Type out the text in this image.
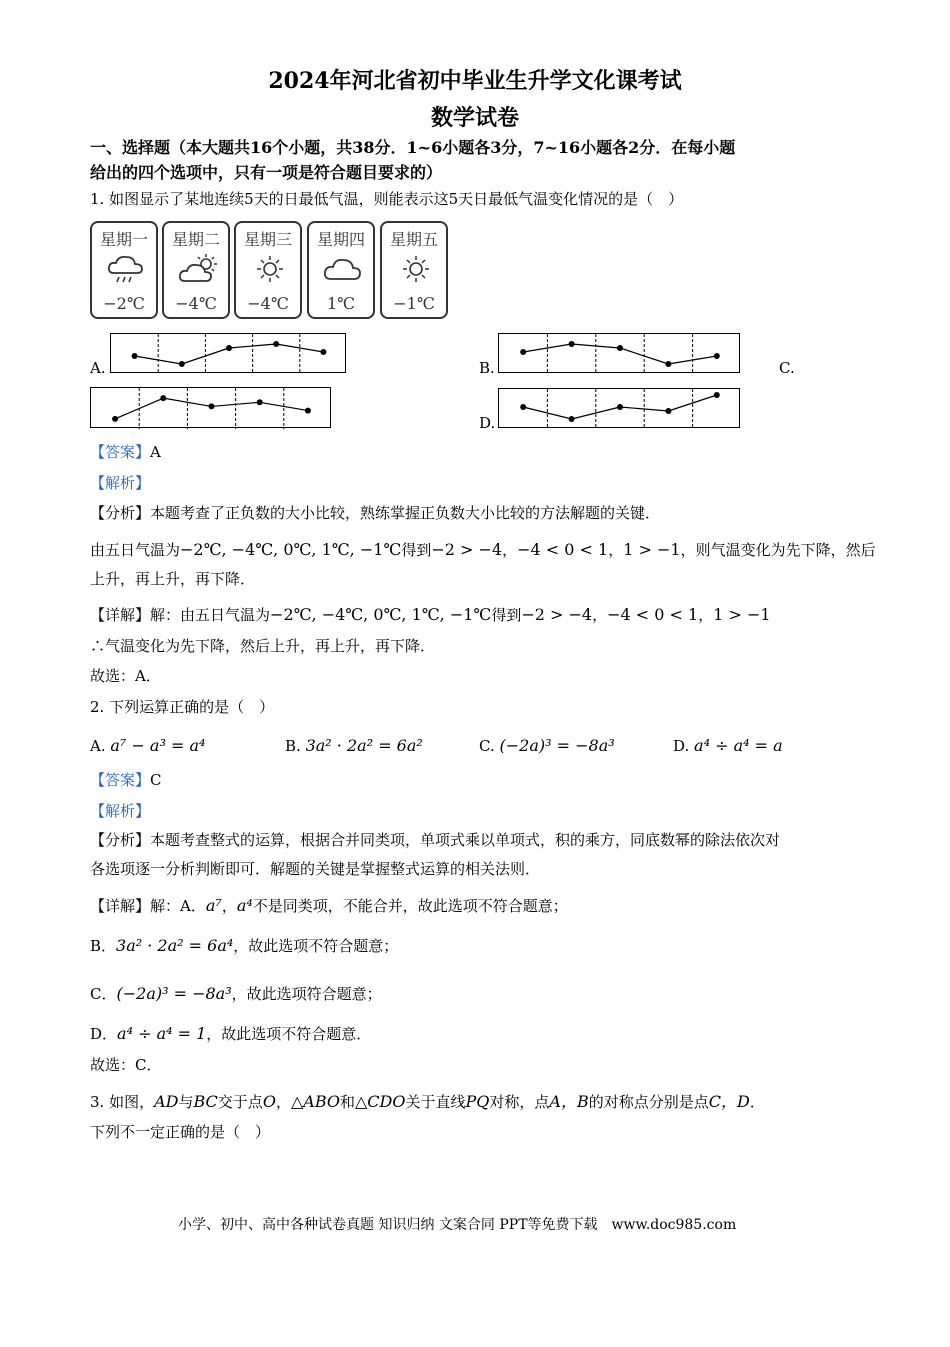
2024年河北省初中毕业生升学文化课考试
数学试卷
一、选择题（本大题共16个小题，共38分．1~6小题各3分，7~16小题各2分．在每小题
给出的四个选项中，只有一项是符合题目要求的）
1. 如图显示了某地连续5天的日最低气温，则能表示这5天日最低气温变化情况的是（　）
星期一
−2℃
星期二
−4℃
星期三
−4℃
星期四
1℃
星期五
−1℃
A.	B.	C.
D.
【答案】A
【解析】
【分析】本题考查了正负数的大小比较，熟练掌握正负数大小比较的方法解题的关键．
由五日气温为−2℃, −4℃, 0℃, 1℃, −1℃得到−2 > −4，−4 < 0 < 1，1 > −1，则气温变化为先下降，然后
上升，再上升，再下降．
【详解】解：由五日气温为−2℃, −4℃, 0℃, 1℃, −1℃得到−2 > −4，−4 < 0 < 1，1 > −1
∴气温变化为先下降，然后上升，再上升，再下降．
故选：A．
2. 下列运算正确的是（　）
A. a⁷ − a³ = a⁴	B. 3a² · 2a² = 6a²	C. (−2a)³ = −8a³	D. a⁴ ÷ a⁴ = a
【答案】C
【解析】
【分析】本题考查整式的运算，根据合并同类项，单项式乘以单项式，积的乘方，同底数幂的除法依次对
各选项逐一分析判断即可．解题的关键是掌握整式运算的相关法则．
【详解】解：A．a⁷，a⁴不是同类项，不能合并，故此选项不符合题意；
B．3a² · 2a² = 6a⁴，故此选项不符合题意；
C．(−2a)³ = −8a³，故此选项符合题意；
D．a⁴ ÷ a⁴ = 1，故此选项不符合题意．
故选：C．
3. 如图，AD与BC交于点O，△ABO和△CDO关于直线PQ对称，点A，B的对称点分别是点C，D．
下列不一定正确的是（　）
小学、初中、高中各种试卷真题 知识归纳 文案合同 PPT等免费下载　www.doc985.com
